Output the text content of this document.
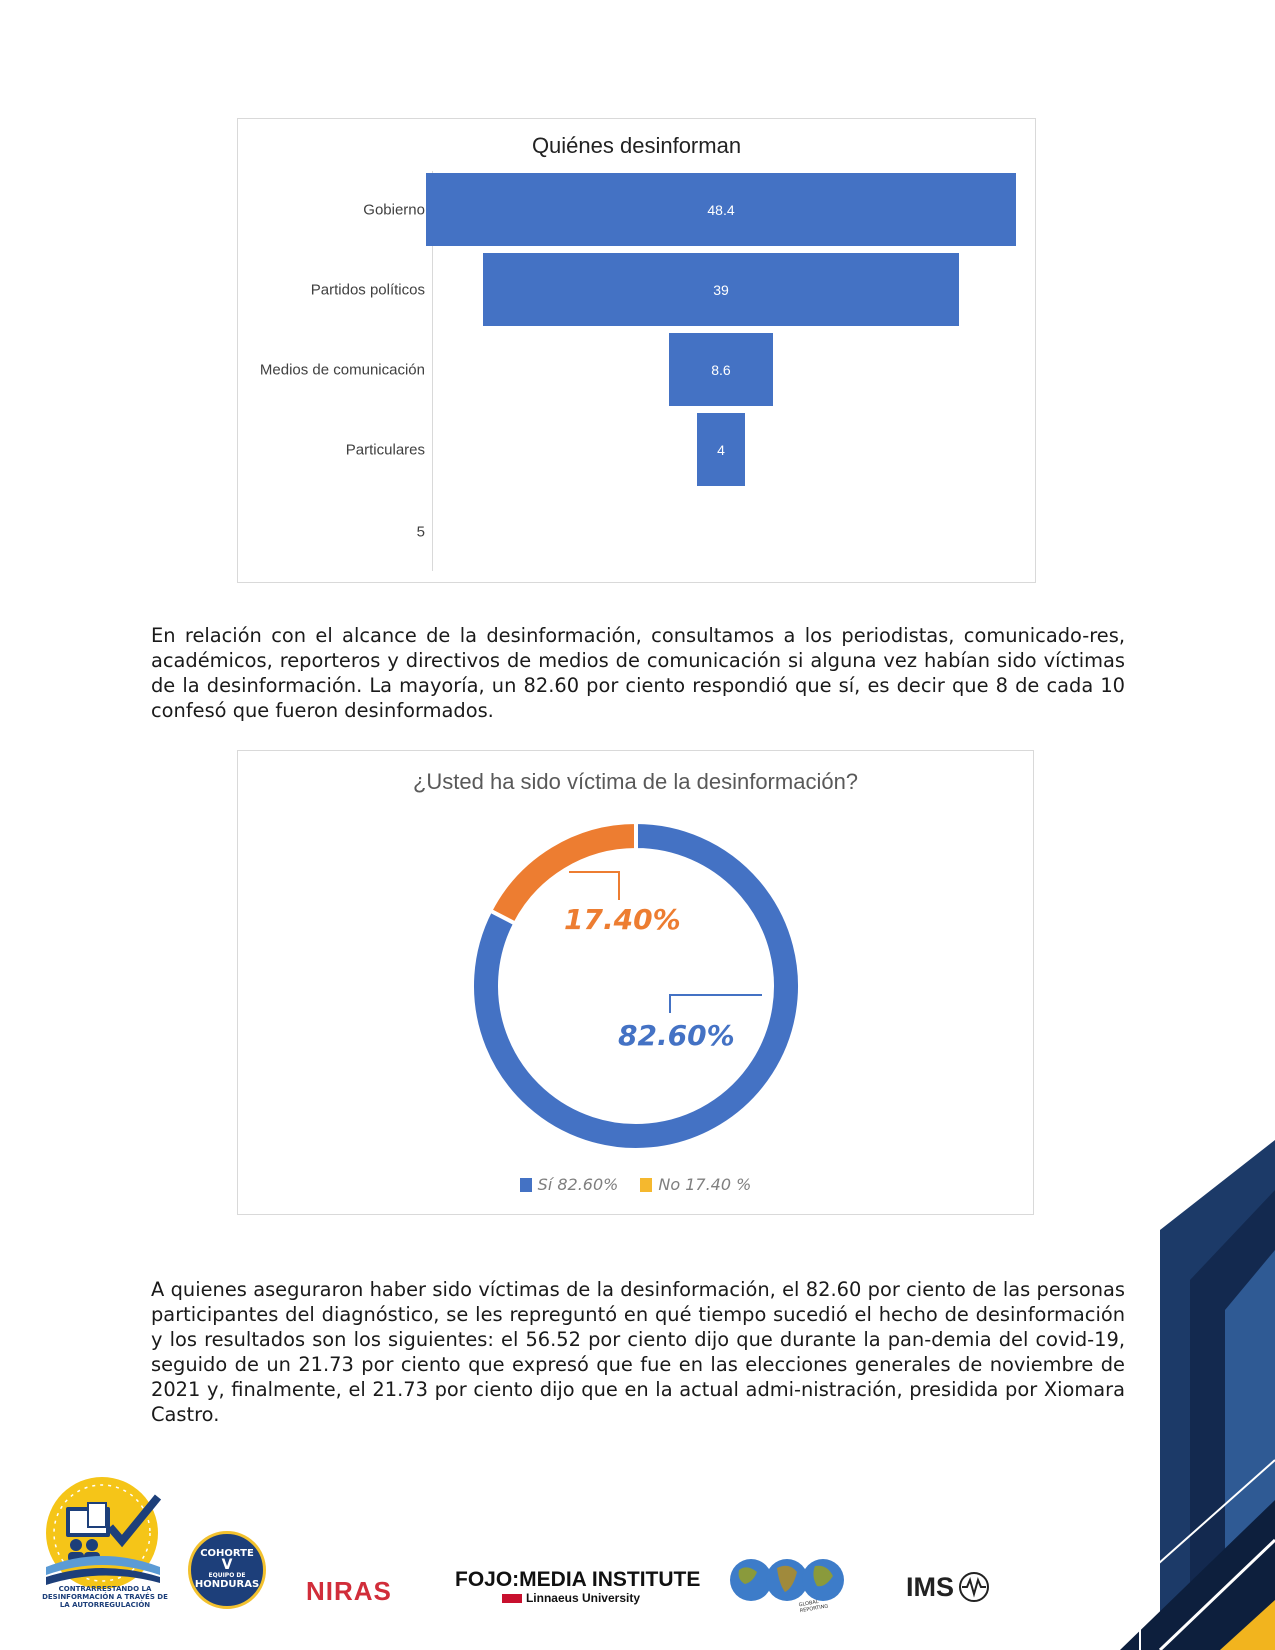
Quiénes desinforman
48.4
Gobierno
39
Partidos políticos
8.6
Medios de comunicación
4
Particulares
5

En relación con el alcance de la desinformación, consultamos a los periodistas, comunicado-res, académicos, reporteros y directivos de medios de comunicación si alguna vez habían sido víctimas de la desinformación. La mayoría, un 82.60 por ciento respondió que sí, es decir que 8 de cada 10 confesó que fueron desinformados.

¿Usted ha sido víctima de la desinformación?
17.40%
82.60%
Sí 82.60%	No 17.40 %

A quienes aseguraron haber sido víctimas de la desinformación, el 82.60 por ciento de las personas participantes del diagnóstico, se les repreguntó en qué tiempo sucedió el hecho de desinformación y los resultados son los siguientes: el 56.52 por ciento dijo que durante la pan-demia del covid-19, seguido de un 21.73 por ciento que expresó que fue en las elecciones generales de noviembre de 2021 y, finalmente, el 21.73 por ciento dijo que en la actual admi-nistración, presidida por Xiomara Castro.

CONTRARRESTANDO LA DESINFORMACIÓN A TRAVÉS DE LA AUTORREGULACIÓN
COHORTE
V
EQUIPO DE
HONDURAS NIRAS	FOJO:MEDIA INSTITUTE
Linnaeus University	GLOBAL REPORTING
IMS
